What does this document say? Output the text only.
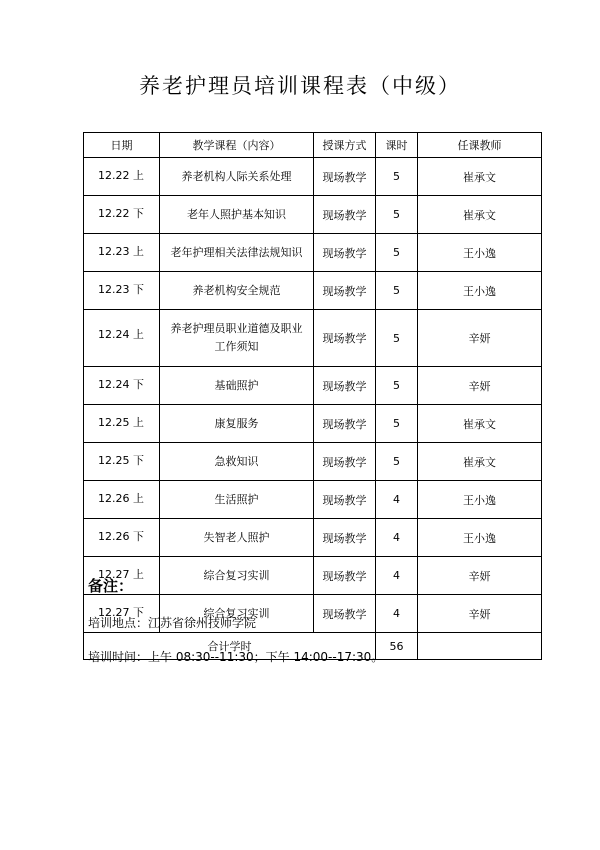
养老护理员培训课程表（中级）
日期	教学课程（内容）	授课方式	课时	任课教师
12.22 上	养老机构人际关系处理	现场教学	5	崔承文
12.22 下	老年人照护基本知识	现场教学	5	崔承文
12.23 上	老年护理相关法律法规知识	现场教学	5	王小逸
12.23 下	养老机构安全规范	现场教学	5	王小逸
12.24 上	养老护理员职业道德及职业工作须知	现场教学	5	辛妍
12.24 下	基础照护	现场教学	5	辛妍
12.25 上	康复服务	现场教学	5	崔承文
12.25 下	急救知识	现场教学	5	崔承文
12.26 上	生活照护	现场教学	4	王小逸
12.26 下	失智老人照护	现场教学	4	王小逸
12.27 上	综合复习实训	现场教学	4	辛妍
12.27 下	综合复习实训	现场教学	4	辛妍
合计学时			56	
备注：
培训地点：江苏省徐州技师学院
培训时间：上午 08:30--11:30；下午 14:00--17:30。
